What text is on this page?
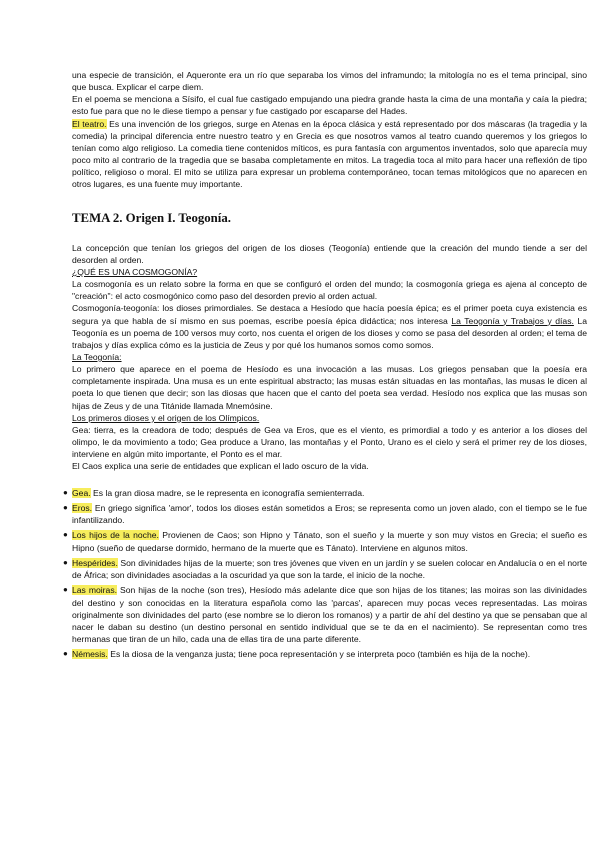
una especie de transición, el Aqueronte era un río que separaba los vimos del inframundo; la mitología no es el tema principal, sino que busca. Explicar el carpe diem.

En el poema se menciona a Sísifo, el cual fue castigado empujando una piedra grande hasta la cima de una montaña y caía la piedra; esto fue para que no le diese tiempo a pensar y fue castigado por escaparse del Hades.

El teatro. Es una invención de los griegos, surge en Atenas en la época clásica y está representado por dos máscaras (la tragedia y la comedia) la principal diferencia entre nuestro teatro y en Grecia es que nosotros vamos al teatro cuando queremos y los griegos lo tenían como algo religioso. La comedia tiene contenidos míticos, es pura fantasía con argumentos inventados, solo que aparecía muy poco mito al contrario de la tragedia que se basaba completamente en mitos. La tragedia toca al mito para hacer una reflexión de tipo político, religioso o moral. El mito se utiliza para expresar un problema contemporáneo, tocan temas mitológicos que no aparecen en otros lugares, es una fuente muy importante.

TEMA 2. Origen I. Teogonía.

La concepción que tenían los griegos del origen de los dioses (Teogonía) entiende que la creación del mundo tiende a ser del desorden al orden.

¿QUÉ ES UNA COSMOGONÍA?

La cosmogonía es un relato sobre la forma en que se configuró el orden del mundo; la cosmogonía griega es ajena al concepto de "creación": el acto cosmogónico como paso del desorden previo al orden actual.

Cosmogonía-teogonía: los dioses primordiales. Se destaca a Hesíodo que hacía poesía épica; es el primer poeta cuya existencia es segura ya que habla de sí mismo en sus poemas, escribe poesía épica didáctica; nos interesa La Teogonía y Trabajos y días. La Teogonía es un poema de 100 versos muy corto, nos cuenta el origen de los dioses y como se pasa del desorden al orden; el tema de trabajos y días explica cómo es la justicia de Zeus y por qué los humanos somos como somos.

La Teogonía:

Lo primero que aparece en el poema de Hesíodo es una invocación a las musas. Los griegos pensaban que la poesía era completamente inspirada. Una musa es un ente espiritual abstracto; las musas están situadas en las montañas, las musas le dicen al poeta lo que tienen que decir; son las diosas que hacen que el canto del poeta sea verdad. Hesíodo nos explica que las musas son hijas de Zeus y de una Titánide llamada Mnemósine.

Los primeros dioses y el origen de los Olímpicos.

Gea: tierra, es la creadora de todo; después de Gea va Eros, que es el viento, es primordial a todo y es anterior a los dioses del olimpo, le da movimiento a todo; Gea produce a Urano, las montañas y el Ponto, Urano es el cielo y será el primer rey de los dioses, interviene en algún mito importante, el Ponto es el mar.

El Caos explica una serie de entidades que explican el lado oscuro de la vida.

● Gea. Es la gran diosa madre, se le representa en iconografía semienterrada.
● Eros. En griego significa 'amor', todos los dioses están sometidos a Eros; se representa como un joven alado, con el tiempo se le fue infantilizando.
● Los hijos de la noche. Provienen de Caos; son Hipno y Tánato, son el sueño y la muerte y son muy vistos en Grecia; el sueño es Hipno (sueño de quedarse dormido, hermano de la muerte que es Tánato). Interviene en algunos mitos.
● Hespérides. Son divinidades hijas de la muerte; son tres jóvenes que viven en un jardín y se suelen colocar en Andalucía o en el norte de África; son divinidades asociadas a la oscuridad ya que son la tarde, el inicio de la noche.
● Las moiras. Son hijas de la noche (son tres), Hesíodo más adelante dice que son hijas de los titanes; las moiras son las divinidades del destino y son conocidas en la literatura española como las 'parcas', aparecen muy pocas veces representadas. Las moiras originalmente son divinidades del parto (ese nombre se lo dieron los romanos) y a partir de ahí del destino ya que se pensaban que al nacer le daban su destino (un destino personal en sentido individual que se te da en el nacimiento). Se representan como tres hermanas que tiran de un hilo, cada una de ellas tira de una parte diferente.
● Némesis. Es la diosa de la venganza justa; tiene poca representación y se interpreta poco (también es hija de la noche).
